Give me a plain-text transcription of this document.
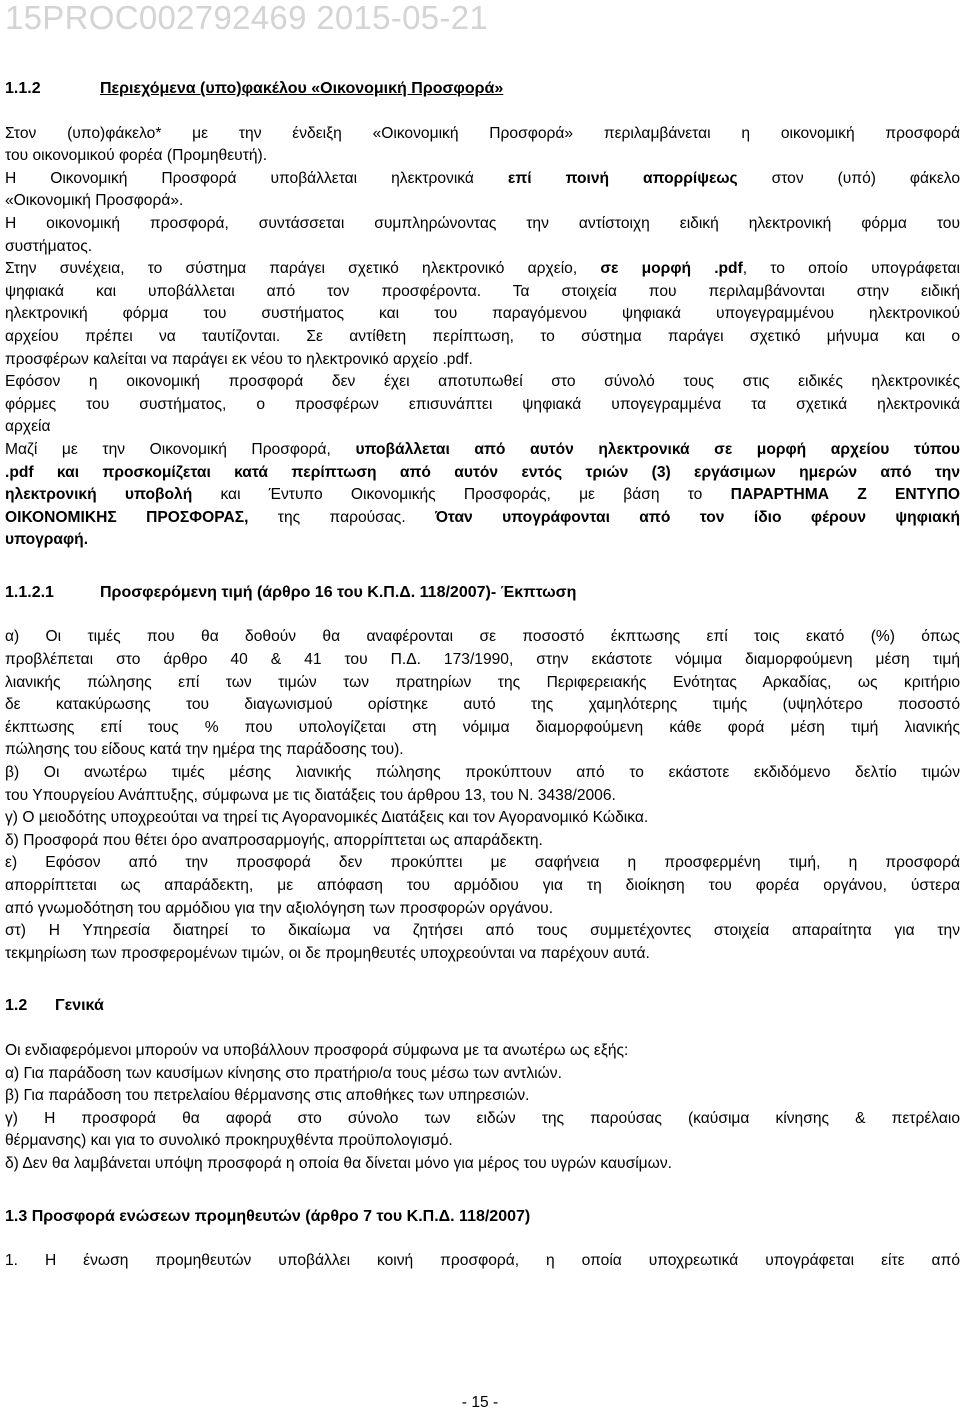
15PROC002792469 2015-05-21

1.1.2	Περιεχόμενα (υπο)φακέλου «Οικονομική Προσφορά»

Στον (υπο)φάκελο* με την ένδειξη «Οικονομική Προσφορά» περιλαμβάνεται η οικονομική προσφορά

του οικονομικού φορέα (Προμηθευτή).

Η Οικονομική Προσφορά υποβάλλεται ηλεκτρονικά επί ποινή απορρίψεως στον (υπό) φάκελο

«Οικονομική Προσφορά».

Η οικονομική προσφορά, συντάσσεται συμπληρώνοντας την αντίστοιχη ειδική ηλεκτρονική φόρμα του

συστήματος.

Στην συνέχεια, το σύστημα παράγει σχετικό ηλεκτρονικό αρχείο, σε μορφή .pdf, το οποίο υπογράφεται

ψηφιακά και υποβάλλεται από τον προσφέροντα. Τα στοιχεία που περιλαμβάνονται στην ειδική

ηλεκτρονική φόρμα του συστήματος και του παραγόμενου ψηφιακά υπογεγραμμένου ηλεκτρονικού

αρχείου πρέπει να ταυτίζονται. Σε αντίθετη περίπτωση, το σύστημα παράγει σχετικό μήνυμα και ο

προσφέρων καλείται να παράγει εκ νέου το ηλεκτρονικό αρχείο .pdf.

Εφόσον η οικονομική προσφορά δεν έχει αποτυπωθεί στο σύνολό τους στις ειδικές ηλεκτρονικές

φόρμες του συστήματος, ο προσφέρων επισυνάπτει ψηφιακά υπογεγραμμένα τα σχετικά ηλεκτρονικά

αρχεία

Μαζί με την Οικονομική Προσφορά, υποβάλλεται από αυτόν ηλεκτρονικά σε μορφή αρχείου τύπου

.pdf και προσκομίζεται κατά περίπτωση από αυτόν εντός τριών (3) εργάσιμων ημερών από την

ηλεκτρονική υποβολή και Έντυπο Οικονομικής Προσφοράς, με βάση το ΠΑΡΑΡΤΗΜΑ Ζ ΕΝΤΥΠΟ

ΟΙΚΟΝΟΜΙΚΗΣ ΠΡΟΣΦΟΡΑΣ, της παρούσας. Όταν υπογράφονται από τον ίδιο φέρουν ψηφιακή

υπογραφή.

1.1.2.1	Προσφερόμενη τιμή (άρθρο 16 του Κ.Π.Δ. 118/2007)- Έκπτωση

α) Οι τιμές που θα δοθούν θα αναφέρονται σε ποσοστό έκπτωσης επί τοις εκατό (%) όπως

προβλέπεται στο άρθρο 40 & 41 του Π.Δ. 173/1990, στην εκάστοτε νόμιμα διαμορφούμενη μέση τιμή

λιανικής πώλησης επί των τιμών των πρατηρίων της Περιφερειακής Ενότητας Αρκαδίας, ως κριτήριο

δε κατακύρωσης του διαγωνισμού ορίστηκε αυτό της χαμηλότερης τιμής (υψηλότερο ποσοστό

έκπτωσης επί τους % που υπολογίζεται στη νόμιμα διαμορφούμενη κάθε φορά μέση τιμή λιανικής

πώλησης του είδους κατά την ημέρα της παράδοσης του).

β) Οι ανωτέρω τιμές μέσης λιανικής πώλησης προκύπτουν από το εκάστοτε εκδιδόμενο δελτίο τιμών

του Υπουργείου Ανάπτυξης, σύμφωνα με τις διατάξεις του άρθρου 13, του Ν. 3438/2006.

γ) Ο μειοδότης υποχρεούται να τηρεί τις Αγορανομικές Διατάξεις και τον Αγορανομικό Κώδικα.

δ) Προσφορά που θέτει όρο αναπροσαρμογής, απορρίπτεται ως απαράδεκτη.

ε) Εφόσον από την προσφορά δεν προκύπτει με σαφήνεια η προσφερμένη τιμή, η προσφορά

απορρίπτεται ως απαράδεκτη, με απόφαση του αρμόδιου για τη διοίκηση του φορέα οργάνου, ύστερα

από γνωμοδότηση του αρμόδιου για την αξιολόγηση των προσφορών οργάνου.

στ) Η Υπηρεσία διατηρεί το δικαίωμα να ζητήσει από τους συμμετέχοντες στοιχεία απαραίτητα για την

τεκμηρίωση των προσφερομένων τιμών, οι δε προμηθευτές υποχρεούνται να παρέχουν αυτά.

1.2 Γενικά

Οι ενδιαφερόμενοι μπορούν να υποβάλλουν προσφορά σύμφωνα με τα ανωτέρω ως εξής:

α) Για παράδοση των καυσίμων κίνησης στο πρατήριο/α τους μέσω των αντλιών.

β) Για παράδοση του πετρελαίου θέρμανσης στις αποθήκες των υπηρεσιών.

γ) Η προσφορά θα αφορά στο σύνολο των ειδών της παρούσας (καύσιμα κίνησης & πετρέλαιο

θέρμανσης) και για το συνολικό προκηρυχθέντα προϋπολογισμό.

δ) Δεν θα λαμβάνεται υπόψη προσφορά η οποία θα δίνεται μόνο για μέρος του υγρών καυσίμων.

1.3 Προσφορά ενώσεων προμηθευτών (άρθρο 7 του Κ.Π.Δ. 118/2007)

1. Η ένωση προμηθευτών υποβάλλει κοινή προσφορά, η οποία υποχρεωτικά υπογράφεται είτε από

- 15 -
